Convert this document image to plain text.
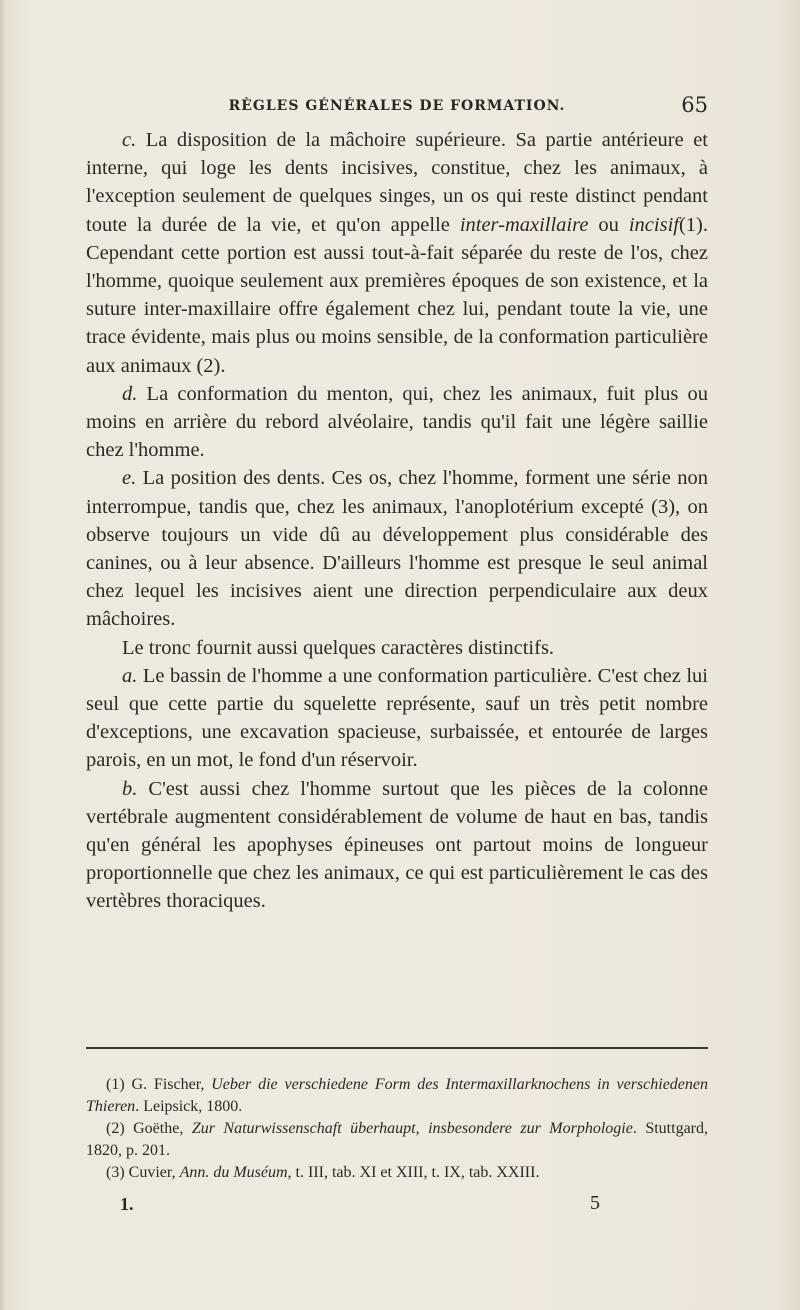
RÈGLES GÉNÉRALES DE FORMATION.	65

c. La disposition de la mâchoire supérieure. Sa partie antérieure et interne, qui loge les dents incisives, constitue, chez les animaux, à l'exception seulement de quelques singes, un os qui reste distinct pendant toute la durée de la vie, et qu'on appelle inter-maxillaire ou incisif(1). Cependant cette portion est aussi tout-à-fait séparée du reste de l'os, chez l'homme, quoique seulement aux premières époques de son existence, et la suture inter-maxillaire offre également chez lui, pendant toute la vie, une trace évidente, mais plus ou moins sensible, de la conformation particulière aux animaux (2).

d. La conformation du menton, qui, chez les animaux, fuit plus ou moins en arrière du rebord alvéolaire, tandis qu'il fait une légère saillie chez l'homme.

e. La position des dents. Ces os, chez l'homme, forment une série non interrompue, tandis que, chez les animaux, l'anoplotérium excepté (3), on observe toujours un vide dû au développement plus considérable des canines, ou à leur absence. D'ailleurs l'homme est presque le seul animal chez lequel les incisives aient une direction perpendiculaire aux deux mâchoires.

Le tronc fournit aussi quelques caractères distinctifs.

a. Le bassin de l'homme a une conformation particulière. C'est chez lui seul que cette partie du squelette représente, sauf un très petit nombre d'exceptions, une excavation spacieuse, surbaissée, et entourée de larges parois, en un mot, le fond d'un réservoir.

b. C'est aussi chez l'homme surtout que les pièces de la colonne vertébrale augmentent considérablement de volume de haut en bas, tandis qu'en général les apophyses épineuses ont partout moins de longueur proportionnelle que chez les animaux, ce qui est particulièrement le cas des vertèbres thoraciques.

(1) G. Fischer, Ueber die verschiedene Form des Intermaxillarknochens in verschiedenen Thieren. Leipsick, 1800.

(2) Goëthe, Zur Naturwissenschaft überhaupt, insbesondere zur Morphologie. Stuttgard, 1820, p. 201.

(3) Cuvier, Ann. du Muséum, t. III, tab. XI et XIII, t. IX, tab. XXIII.

1.	5
